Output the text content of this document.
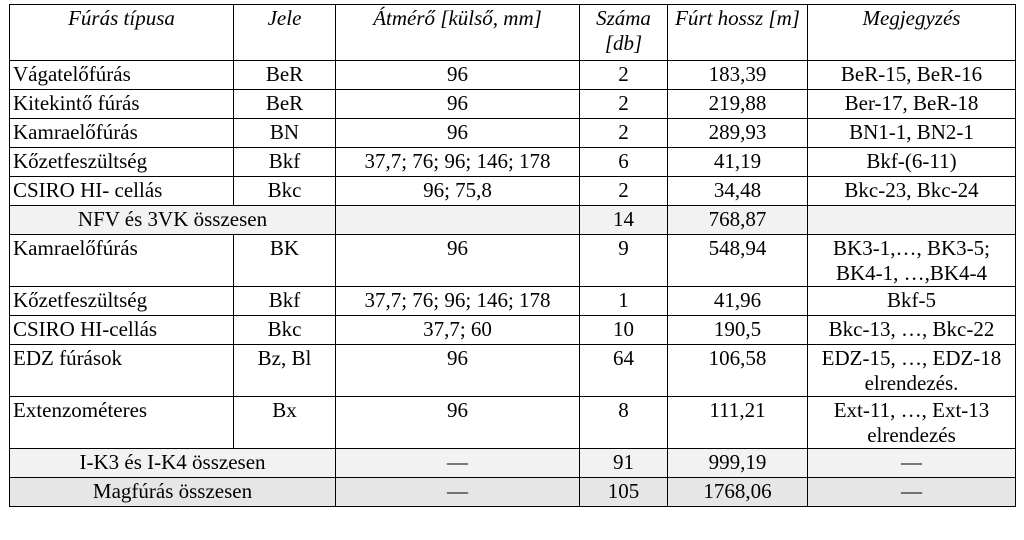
Fúrás típusa	Jele	Átmérő [külső, mm]	Száma [db]	Fúrt hossz [m]	Megjegyzés
Vágatelőfúrás	BeR	96	2	183,39	BeR-15, BeR-16
Kitekintő fúrás	BeR	96	2	219,88	Ber-17, BeR-18
Kamraelőfúrás	BN	96	2	289,93	BN1-1, BN2-1
Kőzetfeszültség	Bkf	37,7; 76; 96; 146; 178	6	41,19	Bkf-(6-11)
CSIRO HI- cellás	Bkc	96; 75,8	2	34,48	Bkc-23, Bkc-24
NFV és 3VK összesen			14	768,87	
Kamraelőfúrás	BK	96	9	548,94	BK3-1,…, BK3-5; BK4-1, …,BK4-4
Kőzetfeszültség	Bkf	37,7; 76; 96; 146; 178	1	41,96	Bkf-5
CSIRO HI-cellás	Bkc	37,7; 60	10	190,5	Bkc-13, …, Bkc-22
EDZ fúrások	Bz, Bl	96	64	106,58	EDZ-15, …, EDZ-18 elrendezés.
Extenzométeres	Bx	96	8	111,21	Ext-11, …, Ext-13 elrendezés
I-K3 és I-K4 összesen		—	91	999,19	—
Magfúrás összesen		—	105	1768,06	—
